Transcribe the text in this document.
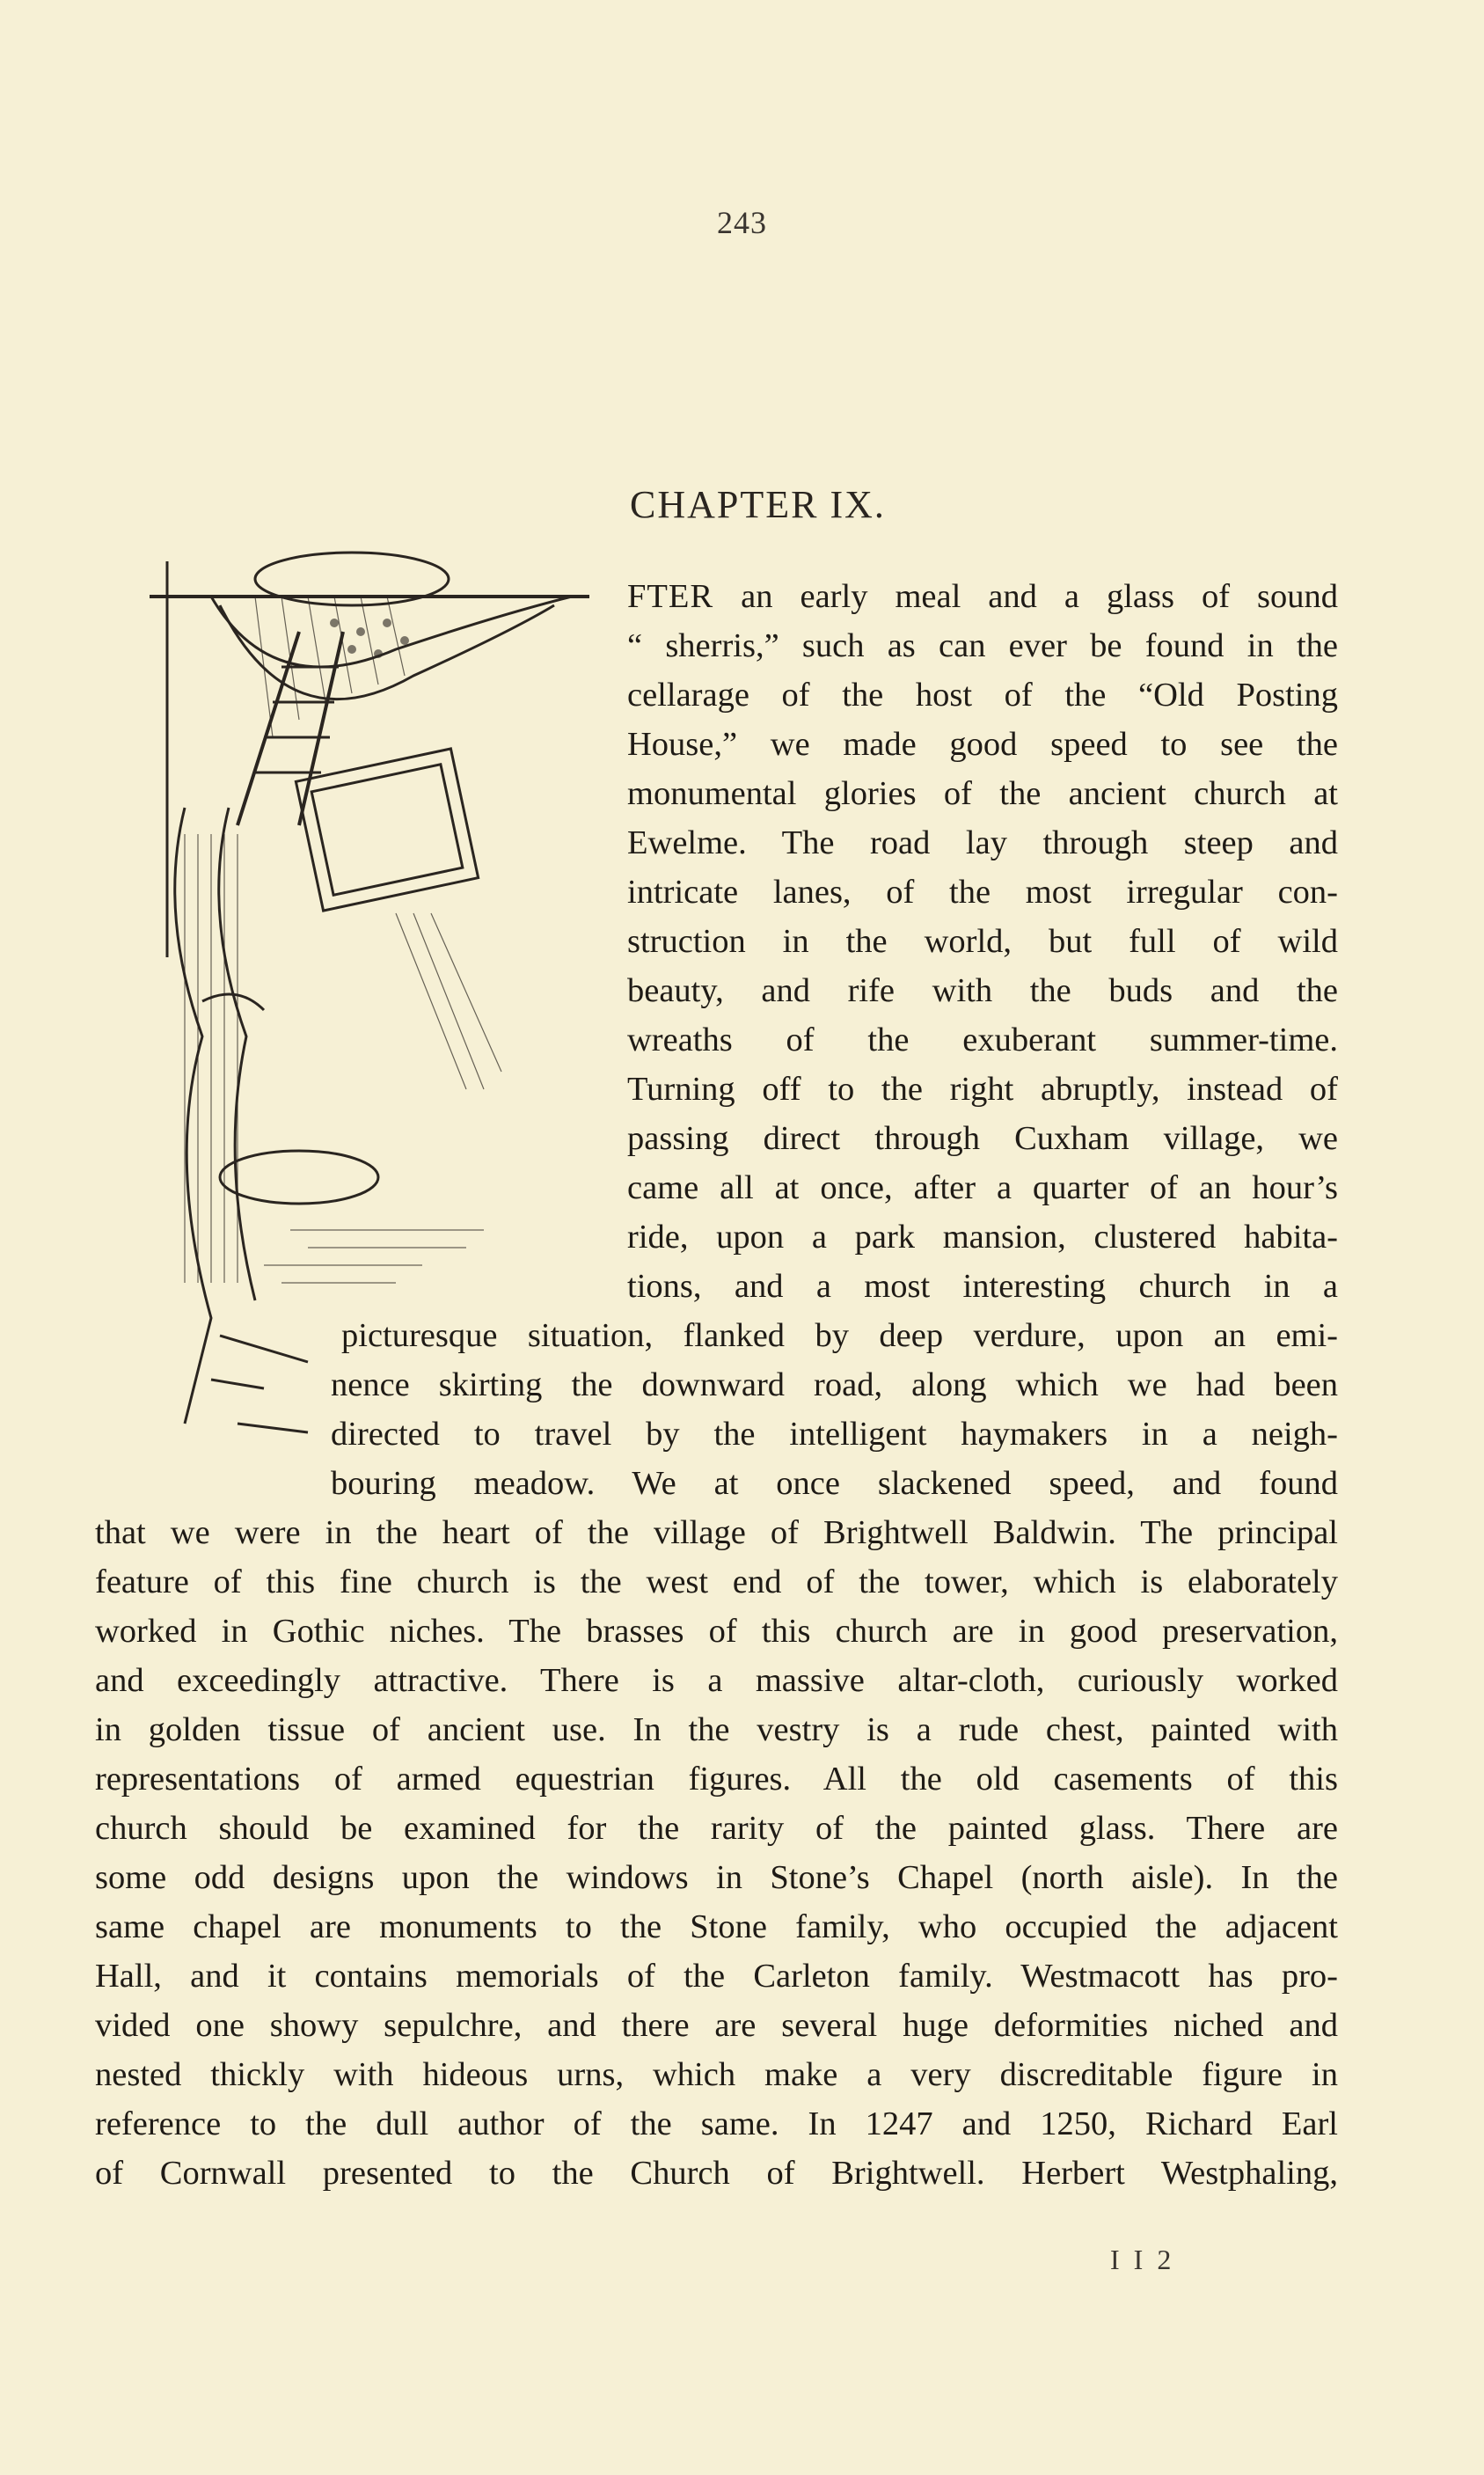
243
CHAPTER IX.
FTER an early meal and a glass of sound
“ sherris,” such as can ever be found in the
cellarage of the host of the “Old Posting
House,” we made good speed to see the
monumental glories of the ancient church at
Ewelme. The road lay through steep and
intricate lanes, of the most irregular con-
struction in the world, but full of wild
beauty, and rife with the buds and the
wreaths of the exuberant summer-time.
Turning off to the right abruptly, instead of
passing direct through Cuxham village, we
came all at once, after a quarter of an hour’s
ride, upon a park mansion, clustered habita-
tions, and a most interesting church in a
picturesque situation, flanked by deep verdure, upon an emi-
nence skirting the downward road, along which we had been
directed to travel by the intelligent haymakers in a neigh-
bouring meadow. We at once slackened speed, and found
that we were in the heart of the village of Brightwell Baldwin. The principal
feature of this fine church is the west end of the tower, which is elaborately
worked in Gothic niches. The brasses of this church are in good preservation,
and exceedingly attractive. There is a massive altar-cloth, curiously worked
in golden tissue of ancient use. In the vestry is a rude chest, painted with
representations of armed equestrian figures. All the old casements of this
church should be examined for the rarity of the painted glass. There are
some odd designs upon the windows in Stone’s Chapel (north aisle). In the
same chapel are monuments to the Stone family, who occupied the adjacent
Hall, and it contains memorials of the Carleton family. Westmacott has pro-
vided one showy sepulchre, and there are several huge deformities niched and
nested thickly with hideous urns, which make a very discreditable figure in
reference to the dull author of the same. In 1247 and 1250, Richard Earl
of Cornwall presented to the Church of Brightwell. Herbert Westphaling,
I I 2
